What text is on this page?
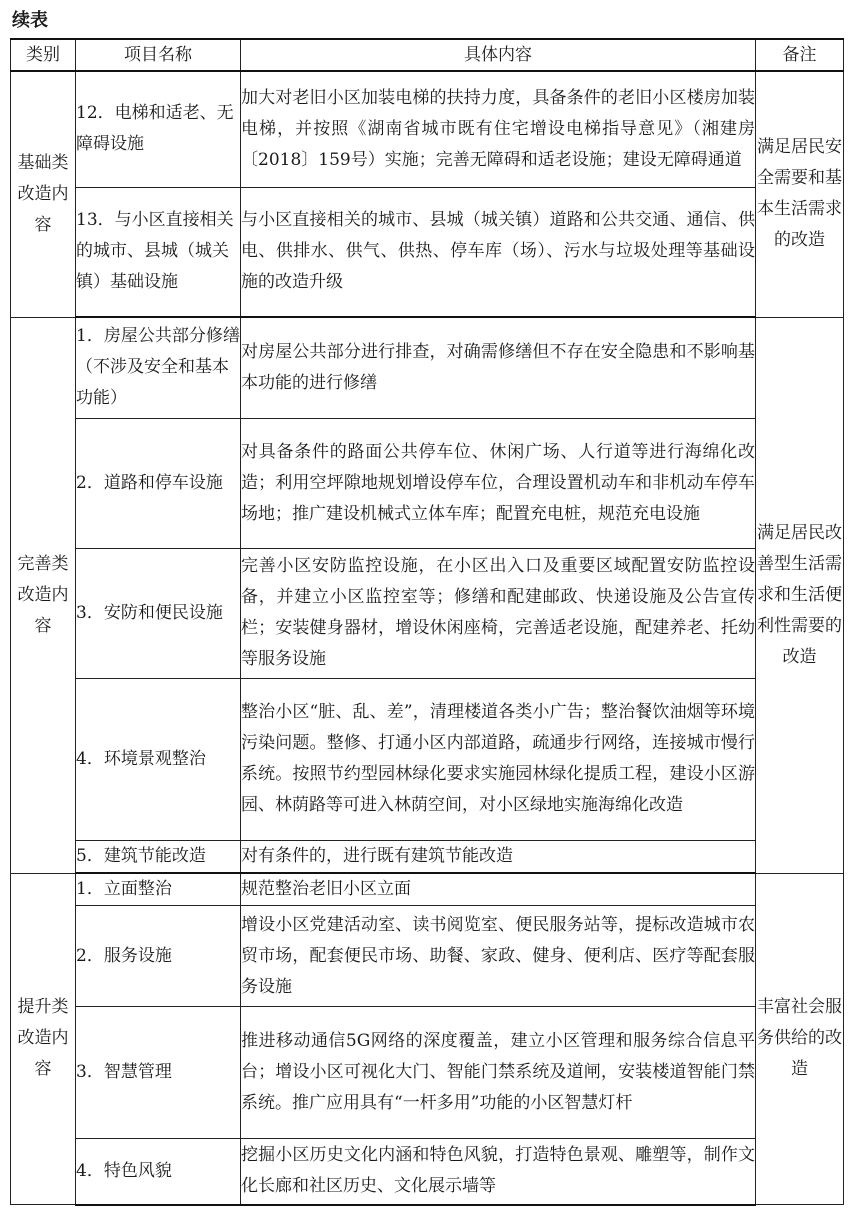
续表
类别	项目名称	具体内容	备注
基础类改造内容	12．电梯和适老、无障碍设施	加大对老旧小区加装电梯的扶持力度，具备条件的老旧小区楼房加装电梯，并按照《湖南省城市既有住宅增设电梯指导意见》（湘建房〔2018〕159号）实施；完善无障碍和适老设施；建设无障碍通道	满足居民安全需要和基本生活需求的改造
	13．与小区直接相关的城市、县城（城关镇）基础设施	与小区直接相关的城市、县城（城关镇）道路和公共交通、通信、供电、供排水、供气、供热、停车库（场）、污水与垃圾处理等基础设施的改造升级	
完善类改造内容	1．房屋公共部分修缮（不涉及安全和基本功能）	对房屋公共部分进行排查，对确需修缮但不存在安全隐患和不影响基本功能的进行修缮	满足居民改善型生活需求和生活便利性需要的改造
	2．道路和停车设施	对具备条件的路面公共停车位、休闲广场、人行道等进行海绵化改造；利用空坪隙地规划增设停车位，合理设置机动车和非机动车停车场地；推广建设机械式立体车库；配置充电桩，规范充电设施	
	3．安防和便民设施	完善小区安防监控设施，在小区出入口及重要区域配置安防监控设备，并建立小区监控室等；修缮和配建邮政、快递设施及公告宣传栏；安装健身器材，增设休闲座椅，完善适老设施，配建养老、托幼等服务设施	
	4．环境景观整治	整治小区“脏、乱、差”，清理楼道各类小广告；整治餐饮油烟等环境污染问题。整修、打通小区内部道路，疏通步行网络，连接城市慢行系统。按照节约型园林绿化要求实施园林绿化提质工程，建设小区游园、林荫路等可进入林荫空间，对小区绿地实施海绵化改造	
	5．建筑节能改造	对有条件的，进行既有建筑节能改造	
提升类改造内容	1．立面整治	规范整治老旧小区立面	丰富社会服务供给的改造
	2．服务设施	增设小区党建活动室、读书阅览室、便民服务站等，提标改造城市农贸市场，配套便民市场、助餐、家政、健身、便利店、医疗等配套服务设施	
	3．智慧管理	推进移动通信5G网络的深度覆盖，建立小区管理和服务综合信息平台；增设小区可视化大门、智能门禁系统及道闸，安装楼道智能门禁系统。推广应用具有“一杆多用”功能的小区智慧灯杆	
	4．特色风貌	挖掘小区历史文化内涵和特色风貌，打造特色景观、雕塑等，制作文化长廊和社区历史、文化展示墙等	
